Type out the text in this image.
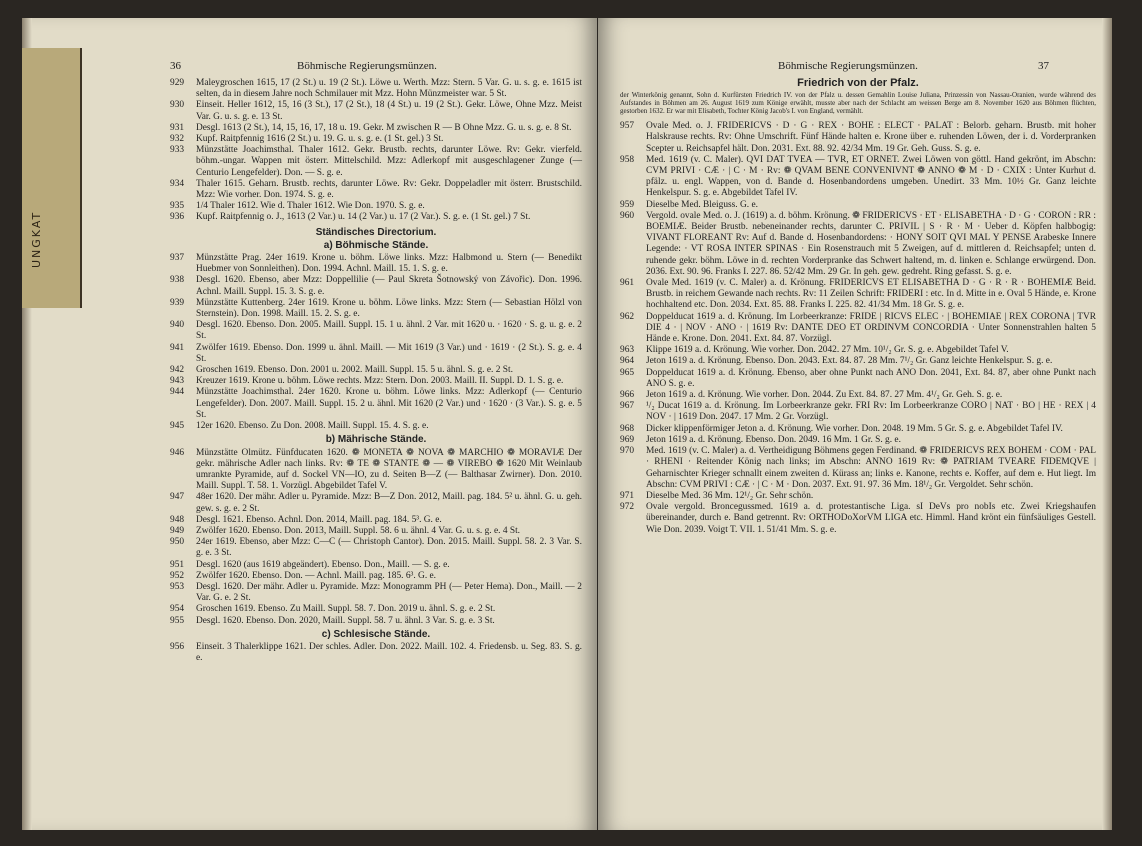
UNGKAT
36	Böhmische Regierungsmünzen.
929	Maleygroschen 1615, 17 (2 St.) u. 19 (2 St.). Löwe u. Werth. Mzz: Stern. 5 Var. G. u. s. g. e. 1615 ist selten, da in diesem Jahre noch Schmilauer mit Mzz. Hohn Münzmeister war. 5 St.
930	Einseit. Heller 1612, 15, 16 (3 St.), 17 (2 St.), 18 (4 St.) u. 19 (2 St.). Gekr. Löwe, Ohne Mzz. Meist Var. G. u. s. g. e. 13 St.
931	Desgl. 1613 (2 St.), 14, 15, 16, 17, 18 u. 19. Gekr. M zwischen R — B Ohne Mzz. G. u. s. g. e. 8 St.
932	Kupf. Raitpfennig 1616 (2 St.) u. 19. G. u. s. g. e. (1 St. gel.) 3 St.
933	Münzstätte Joachimsthal. Thaler 1612. Gekr. Brustb. rechts, darunter Löwe. Rv: Gekr. vierfeld. böhm.-ungar. Wappen mit österr. Mittelschild. Mzz: Adlerkopf mit ausgeschlagener Zunge (— Centurio Lengefelder). Don. — S. g. e.
934	Thaler 1615. Geharn. Brustb. rechts, darunter Löwe. Rv: Gekr. Doppeladler mit österr. Brustschild. Mzz: Wie vorher. Don. 1974. S. g. e.
935	1/4 Thaler 1612. Wie d. Thaler 1612. Wie Don. 1970. S. g. e.
936	Kupf. Raitpfennig o. J., 1613 (2 Var.) u. 14 (2 Var.) u. 17 (2 Var.). S. g. e. (1 St. gel.) 7 St.
Ständisches Directorium.
a) Böhmische Stände.
937	Münzstätte Prag. 24er 1619. Krone u. böhm. Löwe links. Mzz: Halbmond u. Stern (— Benedikt Huebmer von Sonnleithen). Don. 1994. Achnl. Maill. 15. 1. S. g. e.
938	Desgl. 1620. Ebenso, aber Mzz: Doppellilie (— Paul Skreta Šotnowský von Závořic). Don. 1996. Achnl. Maill. Suppl. 15. 3. S. g. e.
939	Münzstätte Kuttenberg. 24er 1619. Krone u. böhm. Löwe links. Mzz: Stern (— Sebastian Hölzl von Sternstein). Don. 1998. Maill. 15. 2. S. g. e.
940	Desgl. 1620. Ebenso. Don. 2005. Maill. Suppl. 15. 1 u. ähnl. 2 Var. mit 1620 u. · 1620 · S. g. u. g. e. 2 St.
941	Zwölfer 1619. Ebenso. Don. 1999 u. ähnl. Maill. — Mit 1619 (3 Var.) und · 1619 · (2 St.). S. g. e. 4 St.
942	Groschen 1619. Ebenso. Don. 2001 u. 2002. Maill. Suppl. 15. 5 u. ähnl. S. g. e. 2 St.
943	Kreuzer 1619. Krone u. böhm. Löwe rechts. Mzz: Stern. Don. 2003. Maill. II. Suppl. D. 1. S. g. e.
944	Münzstätte Joachimsthal. 24er 1620. Krone u. böhm. Löwe links. Mzz: Adlerkopf (— Centurio Lengefelder). Don. 2007. Maill. Suppl. 15. 2 u. ähnl. Mit 1620 (2 Var.) und · 1620 · (3 Var.). S. g. e. 5 St.
945	12er 1620. Ebenso. Zu Don. 2008. Maill. Suppl. 15. 4. S. g. e.
b) Mährische Stände.
946	Münzstätte Olmütz. Fünfducaten 1620. ❁ MONETA ❁ NOVA ❁ MARCHIO ❁ MORAVIÆ Der gekr. mährische Adler nach links. Rv: ❁ TE ❁ STANTE ❁ — ❁ VIREBO ❁ 1620 Mit Weinlaub umrankte Pyramide, auf d. Sockel VN—IO, zu d. Seiten B—Z (— Balthasar Zwirner). Don. 2010. Maill. Suppl. T. 58. 1. Vorzügl. Abgebildet Tafel V.
947	48er 1620. Der mähr. Adler u. Pyramide. Mzz: B—Z Don. 2012, Maill. pag. 184. 5² u. ähnl. G. u. geh. gew. s. g. e. 2 St.
948	Desgl. 1621. Ebenso. Achnl. Don. 2014, Maill. pag. 184. 5³. G. e.
949	Zwölfer 1620. Ebenso. Don. 2013, Maill. Suppl. 58. 6 u. ähnl. 4 Var. G. u. s. g. e. 4 St.
950	24er 1619. Ebenso, aber Mzz: C—C (— Christoph Cantor). Don. 2015. Maill. Suppl. 58. 2. 3 Var. S. g. e. 3 St.
951	Desgl. 1620 (aus 1619 abgeändert). Ebenso. Don., Maill. — S. g. e.
952	Zwölfer 1620. Ebenso. Don. — Achnl. Maill. pag. 185. 6³. G. e.
953	Desgl. 1620. Der mähr. Adler u. Pyramide. Mzz: Monogramm PH (— Peter Hema). Don., Maill. — 2 Var. G. e. 2 St.
954	Groschen 1619. Ebenso. Zu Maill. Suppl. 58. 7. Don. 2019 u. ähnl. S. g. e. 2 St.
955	Desgl. 1620. Ebenso. Don. 2020, Maill. Suppl. 58. 7 u. ähnl. 3 Var. S. g. e. 3 St.
c) Schlesische Stände.
956	Einseit. 3 Thalerklippe 1621. Der schles. Adler. Don. 2022. Maill. 102. 4. Friedensb. u. Seg. 83. S. g. e.
Böhmische Regierungsmünzen.	37
Friedrich von der Pfalz.
der Winterkönig genannt, Sohn d. Kurfürsten Friedrich IV. von der Pfalz u. dessen Gemahlin Louise Juliana, Prinzessin von Nassau-Oranien, wurde während des Aufstandes in Böhmen am 26. August 1619 zum Könige erwählt, musste aber nach der Schlacht am weissen Berge am 8. November 1620 aus Böhmen flüchten, gestorben 1632. Er war mit Elisabeth, Tochter König Jacob's I. von England, vermählt.
957	Ovale Med. o. J. FRIDERICVS · D · G · REX · BOHE : ELECT · PALAT : Belorb. geharn. Brustb. mit hoher Halskrause rechts. Rv: Ohne Umschrift. Fünf Hände halten e. Krone über e. ruhenden Löwen, der i. d. Vorderpranken Scepter u. Reichsapfel hält. Don. 2031. Ext. 88. 92. 42/34 Mm. 19 Gr. Geh. Guss. S. g. e.
958	Med. 1619 (v. C. Maler). QVI DAT TVEA — TVR, ET ORNET. Zwei Löwen von göttl. Hand gekrönt, im Abschn: CVM PRIVI · CÆ · | C · M · Rv: ❁ QVAM BENE CONVENIVNT ❁ ANNO ❁ M · D · CXIX : Unter Kurhut d. pfälz. u. engl. Wappen, von d. Bande d. Hosenbandordens umgeben. Unedirt. 33 Mm. 10½ Gr. Ganz leichte Henkelspur. S. g. e. Abgebildet Tafel IV.
959	Dieselbe Med. Bleiguss. G. e.
960	Vergold. ovale Med. o. J. (1619) a. d. böhm. Krönung. ❁ FRIDERICVS · ET · ELISABETHA · D · G · CORON : RR : BOEMIÆ. Beider Brustb. nebeneinander rechts, darunter C. PRIVIL | S · R · M · Ueber d. Köpfen halbbogig: VIVANT FLOREANT Rv: Auf d. Bande d. Hosenbandordens: · HONY SOIT QVI MAL Y PENSE Arabeske Innere Legende: · VT ROSA INTER SPINAS · Ein Rosenstrauch mit 5 Zweigen, auf d. mittleren d. Reichsapfel; unten d. ruhende gekr. böhm. Löwe in d. rechten Vorderpranke das Schwert haltend, m. d. linken e. Schlange erwürgend. Don. 2036. Ext. 90. 96. Franks I. 227. 86. 52/42 Mm. 29 Gr. In geh. gew. gedreht. Ring gefasst. S. g. e.
961	Ovale Med. 1619 (v. C. Maler) a. d. Krönung. FRIDERICVS ET ELISABETHA D · G · R · R · BOHEMIÆ Beid. Brustb. in reichem Gewande nach rechts. Rv: 11 Zeilen Schrift: FRIDERI : etc. In d. Mitte in e. Oval 5 Hände, e. Krone hochhaltend etc. Don. 2034. Ext. 85. 88. Franks I. 225. 82. 41/34 Mm. 18 Gr. S. g. e.
962	Doppelducat 1619 a. d. Krönung. Im Lorbeerkranze: FRIDE | RICVS ELEC · | BOHEMIAE | REX CORONA | TVR DIE 4 · | NOV · ANO · | 1619 Rv: DANTE DEO ET ORDINVM CONCORDIA · Unter Sonnenstrahlen halten 5 Hände e. Krone. Don. 2041. Ext. 84. 87. Vorzügl.
963	Klippe 1619 a. d. Krönung. Wie vorher. Don. 2042. 27 Mm. 10¹/₂ Gr. S. g. e. Abgebildet Tafel V.
964	Jeton 1619 a. d. Krönung. Ebenso. Don. 2043. Ext. 84. 87. 28 Mm. 7¹/₂ Gr. Ganz leichte Henkelspur. S. g. e.
965	Doppelducat 1619 a. d. Krönung. Ebenso, aber ohne Punkt nach ANO Don. 2041, Ext. 84. 87, aber ohne Punkt nach ANO S. g. e.
966	Jeton 1619 a. d. Krönung. Wie vorher. Don. 2044. Zu Ext. 84. 87. 27 Mm. 4¹/₂ Gr. Geh. S. g. e.
967	¹/₂ Ducat 1619 a. d. Krönung. Im Lorbeerkranze gekr. FRI Rv: Im Lorbeerkranze CORO | NAT · BO | HE · REX | 4 NOV · | 1619 Don. 2047. 17 Mm. 2 Gr. Vorzügl.
968	Dicker klippenförmiger Jeton a. d. Krönung. Wie vorher. Don. 2048. 19 Mm. 5 Gr. S. g. e. Abgebildet Tafel IV.
969	Jeton 1619 a. d. Krönung. Ebenso. Don. 2049. 16 Mm. 1 Gr. S. g. e.
970	Med. 1619 (v. C. Maler) a. d. Vertheidigung Böhmens gegen Ferdinand. ❁ FRIDERICVS REX BOHEM · COM · PAL · RHENI · Reitender König nach links; im Abschn: ANNO 1619 Rv: ❁ PATRIAM TVEARE FIDEMQVE | Geharnischter Krieger schnallt einem zweiten d. Kürass an; links e. Kanone, rechts e. Koffer, auf dem e. Hut liegt. Im Abschn: CVM PRIVI : CÆ · | C · M · Don. 2037. Ext. 91. 97. 36 Mm. 18¹/₂ Gr. Vergoldet. Sehr schön.
971	Dieselbe Med. 36 Mm. 12¹/₂ Gr. Sehr schön.
972	Ovale vergold. Broncegussmed. 1619 a. d. protestantische Liga. sI DeVs pro nobIs etc. Zwei Kriegshaufen übereinander, durch e. Band getrennt. Rv: ORTHODoXorVM LIGA etc. Himml. Hand krönt ein fünfsäuliges Gestell. Wie Don. 2039. Voigt T. VII. 1. 51/41 Mm. S. g. e.
